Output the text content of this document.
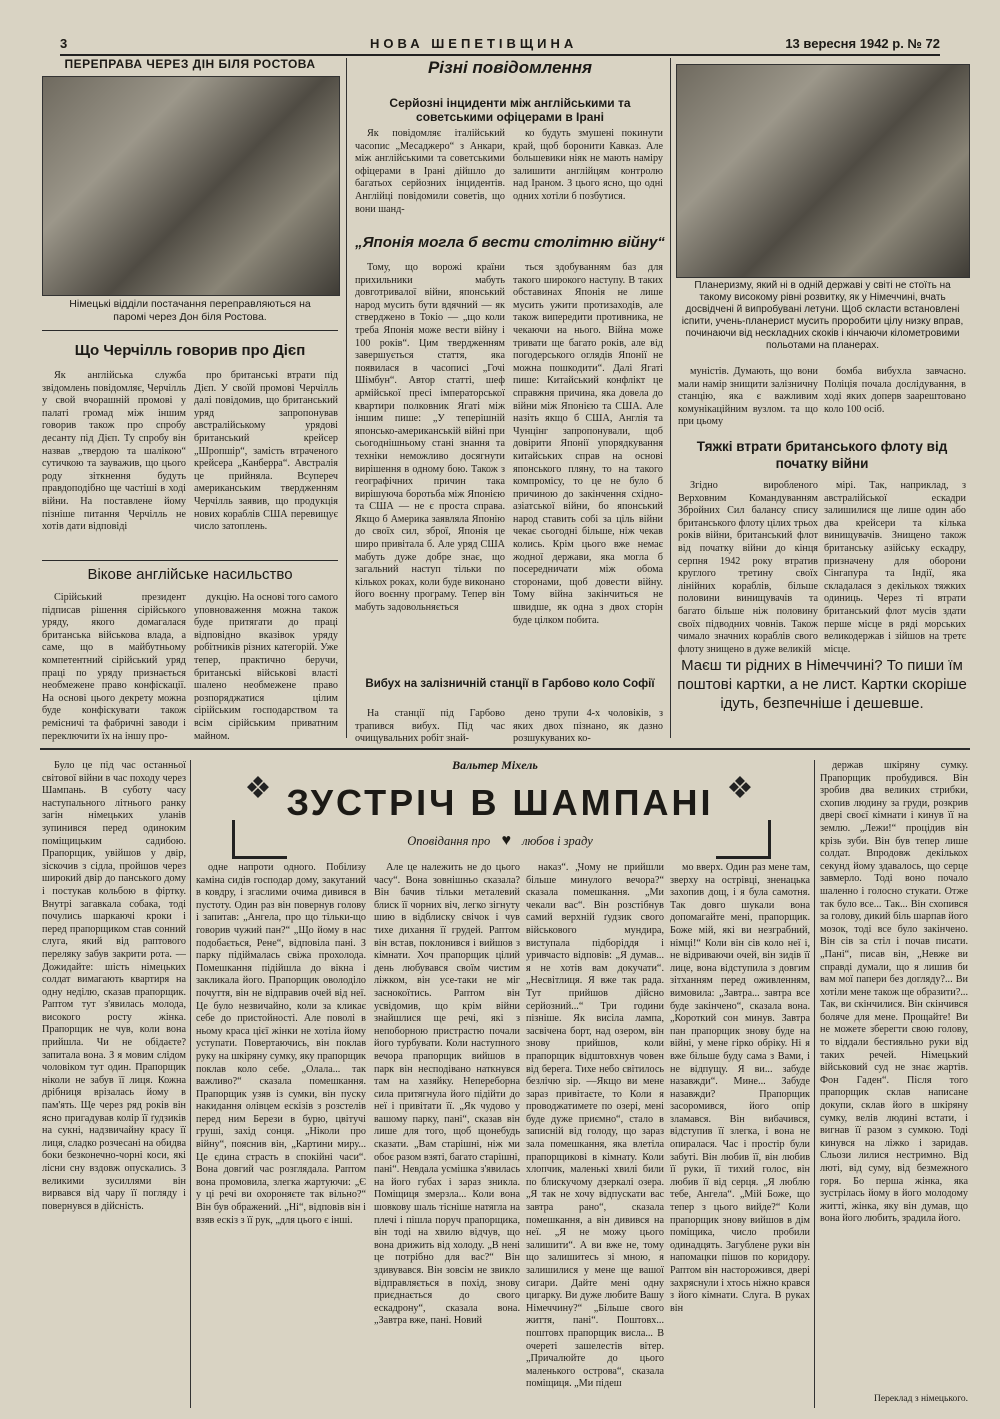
3	НОВА ШЕПЕТІВЩИНА	13 вересня 1942 р. № 72
ПЕРЕПРАВА ЧЕРЕЗ ДІН БІЛЯ РОСТОВА
Німецькі відділи постачання переправляються на паромі через Дон біля Ростова.
Різні повідомлення
Серйозні інциденти між англійськими та советськими офіцерами в Ірані

Як повідомляє італійський часопис „Месаджеро“ з Анкари, між англійськими та советськими офіцерами в Ірані дійшло до багатьох серйозних інцидентів. Англійці повідомили советів, що вони шанд-

ко будуть змушені покинути край, щоб боронити Кавказ. Але большевики ніяк не мають наміру залишити англійцям контролю над Іраном. З цього ясно, що одні одних хотіли б позбутися.

„Японія могла б вести столітню війну“

Тому, що ворожі країни прихильники мабуть довготривалої війни, японський народ мусить бути вдячний — як стверджено в Токіо — „що коли треба Японія може вести війну і 100 років“. Цим твердженням завершується стаття, яка появилася в часописі „Гочі Шімбун“. Автор статті, шеф армійської пресі імператорської квартири полковник Ягаті між іншим пише: „У теперішній японсько-американській війні при сьогоднішньому стані знання та техніки неможливо досягнути вирішення в одному бою. Також з географічних причин така вирішуюча боротьба між Японією та США — не є проста справа. Якщо б Америка заявляла Японію до своїх сил, зброї, Японія це широ привітала б. Але уряд США мабуть дуже добре знає, що загальний наступ тільки по кількох роках, коли буде виконано його воєнну програму. Тепер він мабуть задовольняється

ться здобуванням баз для такого широкого наступу. В таких обставинах Японія не лише мусить ужити протизаходів, але також випередити противника, не чекаючи на нього. Війна може тривати ще багато років, але від погодерського оглядів Японії не можна пошкодити“. Далі Ягаті пише: Китайський конфлікт це справжня причина, яка довела до війни між Японією та США. Але назіть якщо б США, Англія та Чунцінг запропонували, щоб довірити Японії упорядкування китайських справ на основі японського пляну, то на такого компромісу, то це не було б причиною до закінчення східно-азіатської війни, бо японський народ ставить собі за ціль війни чекає сьогодні більше, ніж чекав колись. Крім цього вже немає жодної держави, яка могла б посередничати між обома сторонами, щоб довести війну. Тому війна закінчиться не швидше, як одна з двох сторін буде цілком побита.

Вибух на залізничній станції в Гарбово коло Софії

На станції під Гарбово трапився вибух. Під час очищувальних робіт знай-

дено трупи 4-х чоловіків, з яких двох пізнано, як дазно розшукуваних ко-

Планеризму, який ні в одній державі у світі не стоїть на такому високому рівні розвитку, як у Німеччині, вчать досвідчені й випробувані летуни. Щоб скласти встановлені іспити, учень-планерист мусить проробити цілу низку вправ, починаючи від нескладних скоків і кінчаючи кілометровими польотами на планерах.

муністів. Думають, що вони мали намір знищити залізничну станцію, яка є важливим комунікаційним вузлом. та що при цьому

бомба вибухла завчасно. Поліція почала дослідування, в ході яких доперв заарештовано коло 100 осіб.

Тяжкі втрати британського флоту від початку війни

Згідно виробленого Верховним Командуванням Збройних Сил балансу спису британського флоту цілих трьох років війни, британський флот від початку війни до кінця серпня 1942 року втратив круглого третину своїх лінійних кораблів, більше половини винищувачів та багато більше ніж половину своїх підводних човнів. Також чимало значних кораблів свого флоту знищено в дуже великій

мірі. Так, наприклад, з австралійської ескадри залишилися ще лише один або два крейсери та кілька винищувачів. Знищено також британську азійську ескадру, призначену для оборони Сінгапура та Індії, яка складалася з декількох тяжких одиниць. Через ті втрати британський флот мусів здати перше місце в ряді морських великодержав і зійшов на третє місце.

Маєш ти рідних в Німеччині? То пиши їм поштові картки, а не лист. Картки скоріше ідуть, безпечніше і дешевше.
Що Черчілль говорив про Дієп

Як англійська служба звідомлень повідомляє, Черчілль у свой вчорашній промові у палаті громад між іншим говорив також про спробу десанту під Дієп. Ту спробу він назвав „твердою та шалікою“ сутичкою та зауважив, що цього роду зіткнення будуть правдоподібно ще частіші в ході війни. На поставлене йому пізніше питання Черчілль не хотів дати відповіді

про британські втрати під Дієп. У своїй промові Черчілль далі повідомив, що британський уряд запропонував австралійському урядові британський крейсер „Шропшір“, замість втраченого крейсера „Канберра“. Австралія це прийняла. Всупереч американським твердженням Черчілль заявив, що продукція нових кораблів США перевищує число затоплень.

Вікове англійське насильство

Сірійський президент підписав рішення сірійського уряду, якого домагалася британська військова влада, а саме, що в майбутньому компетентний сірійський уряд праці по уряду признається необмежене право конфіскації. На основі цього декрету можна буде конфіскувати також ремісничі та фабричні заводи і переключити їх на іншу про-

дукцію. На основі того самого уповноваження можна також буде притягати до праці відповідно вказівок уряду робітників різних категорій. Уже тепер, практично беручи, британські військові власті шалено необмежене право розпоряджатися цілим сірійським господарством та всім сірійським приватним майном.

Вальтер Міхель
❖	❖
ЗУСТРІЧ В ШАМПАНІ
Оповідання про ♥ любов і зраду

Було це під час останньої світової війни в час походу через Шампань. В суботу часу наступального літнього ранку загін німецьких уланів зупинився перед одиноким поміщицьким садибою. Прапорщик, увійшов у двір, зіскочив з сідла, пройшов через широкий двір до панського дому і постукав кольбою в фіртку. Внутрі загавкала собака, тоді почулись шаркаючі кроки і перед прапорщиком став сонний слуга, який від раптового переляку забув закрити рота. —Дожидайте: шість німецьких солдат вимагають квартиря на одну неділю, сказав прапорщик. Раптом тут з'явилась молода, високого росту жінка. Прапорщик не чув, коли вона прийшла. Чи не обідаєте? запитала вона. З я мовим слідом чоловіком тут один. Прапорщик ніколи не забув її лиця. Кожна дрібниця врізалась йому в пам'ять. Ще через ряд років він ясно пригадував колір її ґудзиків на сукні, надзвичайну красу її лиця, сладко розчесані на обидва боки безконечно-чорні коси, які лісни сну вздовж опускались. З великими зусиллями він вирвався від чару її погляду і повернувся в дійсність.

одне напроти одного. Побілизу каміна сидів господар дому, закутаний в ковдру, і згаслими очима дивився в пустоту. Один раз він повернув голову і запитав: „Ангела, про що тільки-що говорив чужий пан?“ „Що йому в нас подобається, Рене“, відповіла пані. З парку підіймалась свіжа прохолода. Помешкання підійшла до вікна і закликала його. Прапорщик оволоділо почуття, він не відправив очей від неї. Це було незвичайно, коли за кликає себе до пристойності. Але поволі в ньому краса цієї жінки не хотіла йому уступати. Повертаючись, він поклав руку на шкіряну сумку, яку прапорщик поклав коло себе. „Олала... так важливо?“ сказала помешкання. Прапорщик узяв із сумки, він пуску накидання олівцем ескізів з розстелів перед ним Берези в бурю, цвітучі груші, захід сонця. „Ніколи про війну“, пояснив він, „Картини миру... Це єдина страсть в спокійні часи“. Вона довгий час розглядала. Раптом вона промовила, злегка жартуючи: „Є у ці речі ви охороняєте так вільно?“ Він був ображений. „Ні“, відповів він і взяв ескіз з її рук, „для цього є інші.

Але це належить не до цього часу“. Вона зовнішньо сказала? Він бачив тільки металевий блиск її чорних віч, легко зігнуту шию в відблиску свічок і чув тихе дихання її грудей. Раптом він встав, поклонився і вийшов з кімнати. Хоч прапорщик цілий день любувався своїм чистим ліжком, він усе-таки не міг заснокоїтись. Раптом він усвідомив, що крім війни знайшлися ще речі, які з непоборною пристрастю почали його турбувати. Коли наступного вечора прапорщик вийшов в парк він несподівано наткнувся там на хазяйку. Непереборна сила притягнула його підійти до неї і привітати її. „Як чудово у вашому парку, пані“, сказав він лише для того, щоб щонебудь сказати. „Вам старішні, ніж ми обоє разом взяті, багато старішні, пані“. Невдала усмішка з'явилась на його губах і зараз зникла. Поміщиця змерзла... Коли вона шовкову шаль тісніше натягла на плечі і пішла поруч прапорщика, він тоді на хвилю відчув, що вона дрижить від холоду. „В нені це потрібно для вас?“ Він здивувався. Він зовсім не звикло відправляється в похід, знову приєднається до свого ескадрону“, сказала вона. „Завтра вже, пані. Новий

наказ“. „Чому не прийшли більше минулого вечора?“ сказала помешкання. „Ми чекали вас“. Він розстібнув самий верхній ґудзик свого військового мундира, виступала підборіддя і уривчасто відповів: „Я думав... я не хотів вам докучати“. „Несвітлиця. Я вже так рада. Тут прийшов дійсно серйозний...“ Три години пізніше. Як висіла лампа, засвічена борт, над озером, він знову прийшов, коли прапорщик відштовхнув човен від берега. Тихе небо світилось безлічю зір. —Якщо ви мене зараз привітаєте, то Коли я проводжатимете по озері, мені буде дуже приємно“, стало в записній від голоду, що зараз зала помешкання, яка влетіла прапорщикові в кімнату. Коли хлопчик, маленькі хвилі били по блискучому дзеркалі озера. „Я так не хочу відпускати вас завтра рано“, сказала помешкання, а він дивився на неї. „Я не можу цього залишити“. А ви вже не, тому що залишитесь зі мною, я залишилися у мене ще вашої сигари. Дайте мені одну цигарку. Ви дуже любите Вашу Німеччину?“ „Більше свого життя, пані“. Поштовх... поштовх прапорщик висла... В очереті зашелестів вітер. „Причалюйте до цього маленького острова“, сказала поміщиця. „Ми підеш

мо вверх. Один раз мене там, зверху на острівці, зненацька захопив дощ, і я була самотня. Так довго шукали вона допомагайте мені, прапорщик. Боже мій, які ви незграбний, німці!“ Коли він сів коло неї і, не відриваючи очей, він зидів її лице, вона відступила з довгим зітханням перед оживленням, вимовила: „Завтра... завтра все буде закінчено“, сказала вона. „Короткий сон минув. Завтра пан прапорщик знову буде на війні, у мене гірко обріку. Ні я вже більше буду сама з Вами, і не відпущу. Я ви... забуде назавжди“. Мине... Забуде назавжди? Прапорщик засоромився, його опір зламався. Він вибачився, відступив її злегка, і вона не опиралася. Час і простір були забуті. Він любив її, він любив її руки, її тихий голос, він любив її від серця. „Я люблю тебе, Ангела“. „Мій Боже, що тепер з цього вийде?“ Коли прапорщик знову вийшов в дім поміщика, число пробили одинадцять. Загублене руки він напомацки пішов по коридору. Раптом він насторожився, двері захряснули і хтось ніжно крався з його кімнати. Слуга. В руках він

держав шкіряну сумку. Прапорщик пробудився. Він зробив два великих стрибки, схопив людину за груди, розкрив двері своєї кімнати і кинув її на землю. „Лежи!“ процідив він крізь зуби. Він був тепер лише солдат. Впродовж декількох секунд йому здавалось, що серце завмерло. Тоді воно почало шаленно і голосно стукати. Отже так було все... Так... Він схопився за голову, дикий біль шарпав його мозок, тоді все було закінчено. Він сів за стіл і почав писати. „Пані“, писав він, „Невже ви справді думали, що я лишив би вам мої папери без догляду?... Ви хотіли мене також ще образити?... Так, ви скінчилися. Він скінчився боляче для мене. Прощайте! Ви не можете зберегти свою голову, то віддали бестияльно руки від таких речей. Німецький військовий суд не знає жартів. Фон Гаден“. Після того прапорщик склав написане докупи, склав його в шкіряну сумку, велів людині встати, і вигнав її разом з сумкою. Тоді кинувся на ліжко і заридав. Сльози лилися нестримно. Від люті, від суму, від безмежного горя. Бо перша жінка, яка зустрілась йому в його молодому житті, жінка, яку він думав, що вона його любить, зрадила його.

Переклад з німецького.
